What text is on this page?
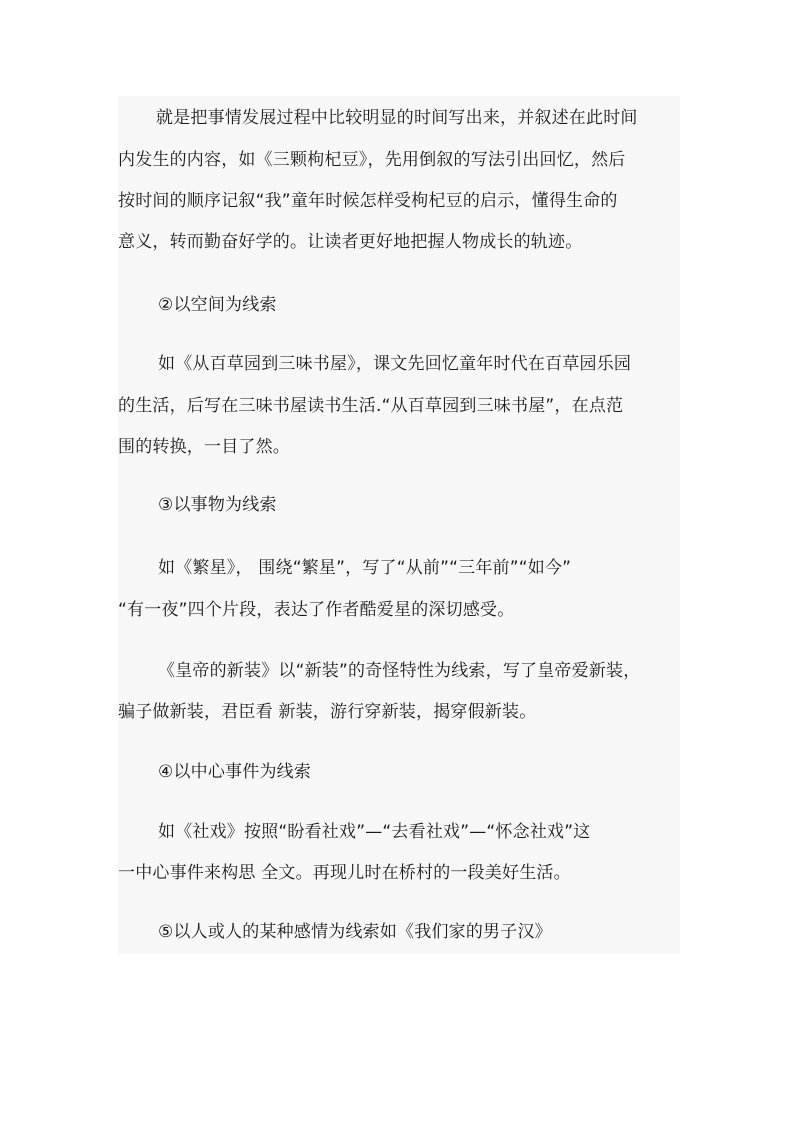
就是把事情发展过程中比较明显的时间写出来，并叙述在此时间
内发生的内容，如《三颗枸杞豆》，先用倒叙的写法引出回忆，然后
按时间的顺序记叙“我”童年时候怎样受枸杞豆的启示，懂得生命的
意义，转而勤奋好学的。让读者更好地把握人物成长的轨迹。
②以空间为线索
如《从百草园到三味书屋》，课文先回忆童年时代在百草园乐园
的生活，后写在三味书屋读书生活.“从百草园到三味书屋”，在点范
围的转换，一目了然。
③以事物为线索
如《繁星》， 围绕“繁星”，写了“从前”“三年前”“如今”
“有一夜”四个片段，表达了作者酷爱星的深切感受。
《皇帝的新装》以“新装”的奇怪特性为线索，写了皇帝爱新装，
骗子做新装，君臣看 新装，游行穿新装，揭穿假新装。
④以中心事件为线索
如《社戏》按照“盼看社戏”—“去看社戏”—“怀念社戏”这
一中心事件来构思 全文。再现儿时在桥村的一段美好生活。
⑤以人或人的某种感情为线索如《我们家的男子汉》
